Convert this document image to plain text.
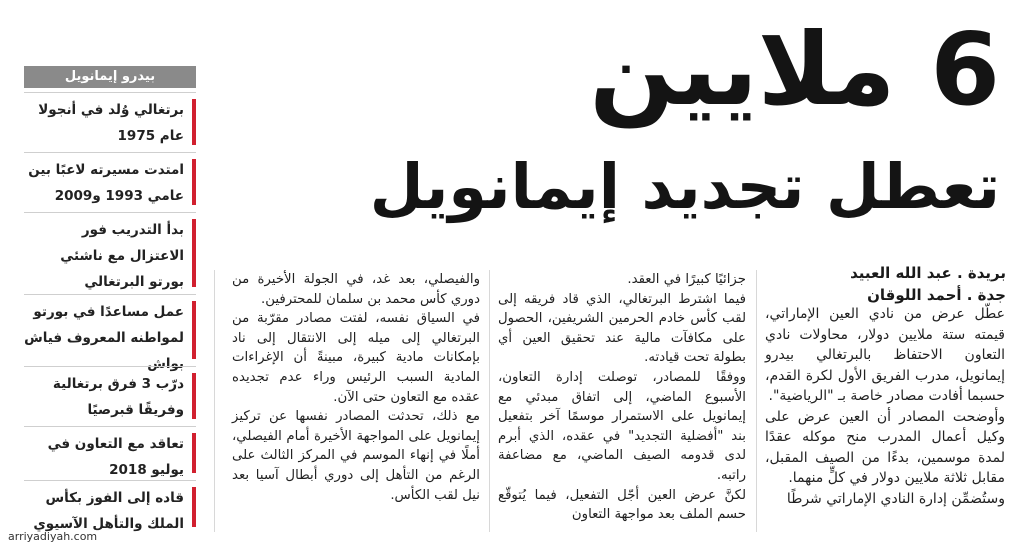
بيدرو إيمانويل
برتغالي وُلد في أنجولا عام 1975
امتدت مسيرته لاعبًا بين عامي 1993 و2009
بدأ التدريب فور الاعتزال مع ناشئي بورتو البرتغالي
عمل مساعدًا في بورتو لمواطنه المعروف فياش بواش
درّب 3 فرق برتغالية وفريقًا قبرصيًا
تعاقد مع التعاون في يوليو 2018
قاده إلى الفوز بكأس الملك والتأهل الآسيوي
6 ملايين
تعطل تجديد إيمانويل
بريدة . عبد الله العبيد
جدة . أحمد اللوقان

عطّل عرض من نادي العين الإماراتي، قيمته ستة ملايين دولار، محاولات نادي التعاون الاحتفاظ بالبرتغالي بيدرو إيمانويل، مدرب الفريق الأول لكرة القدم، حسبما أفادت مصادر خاصة بـ "الرياضية".

وأوضحت المصادر أن العين عرض على وكيل أعمال المدرب منح موكله عقدًا لمدة موسمين، بدءًا من الصيف المقبل، مقابل ثلاثة ملايين دولار في كلٍّ منهما.

وستُضمِّن إدارة النادي الإماراتي شرطًا

جزائيًا كبيرًا في العقد.

فيما اشترط البرتغالي، الذي قاد فريقه إلى لقب كأس خادم الحرمين الشريفين، الحصول على مكافآت مالية عند تحقيق العين أي بطولة تحت قيادته.

ووفقًا للمصادر، توصلت إدارة التعاون، الأسبوع الماضي، إلى اتفاق مبدئي مع إيمانويل على الاستمرار موسمًا آخر بتفعيل بند "أفضلية التجديد" في عقده، الذي أبرم لدى قدومه الصيف الماضي، مع مضاعفة راتبه.

لكنَّ عرض العين أجّل التفعيل، فيما يُتوقّع حسم الملف بعد مواجهة التعاون

والفيصلي، بعد غد، في الجولة الأخيرة من دوري كأس محمد بن سلمان للمحترفين.

في السياق نفسه، لفتت مصادر مقرّبة من البرتغالي إلى ميله إلى الانتقال إلى ناد بإمكانات مادية كبيرة، مبينةً أن الإغراءات المادية السبب الرئيس وراء عدم تجديده عقده مع التعاون حتى الآن.

مع ذلك، تحدثت المصادر نفسها عن تركيز إيمانويل على المواجهة الأخيرة أمام الفيصلي، أملًا في إنهاء الموسم في المركز الثالث على الرغم من التأهل إلى دوري أبطال آسيا بعد نيل لقب الكأس.

arriyadiyah.com
